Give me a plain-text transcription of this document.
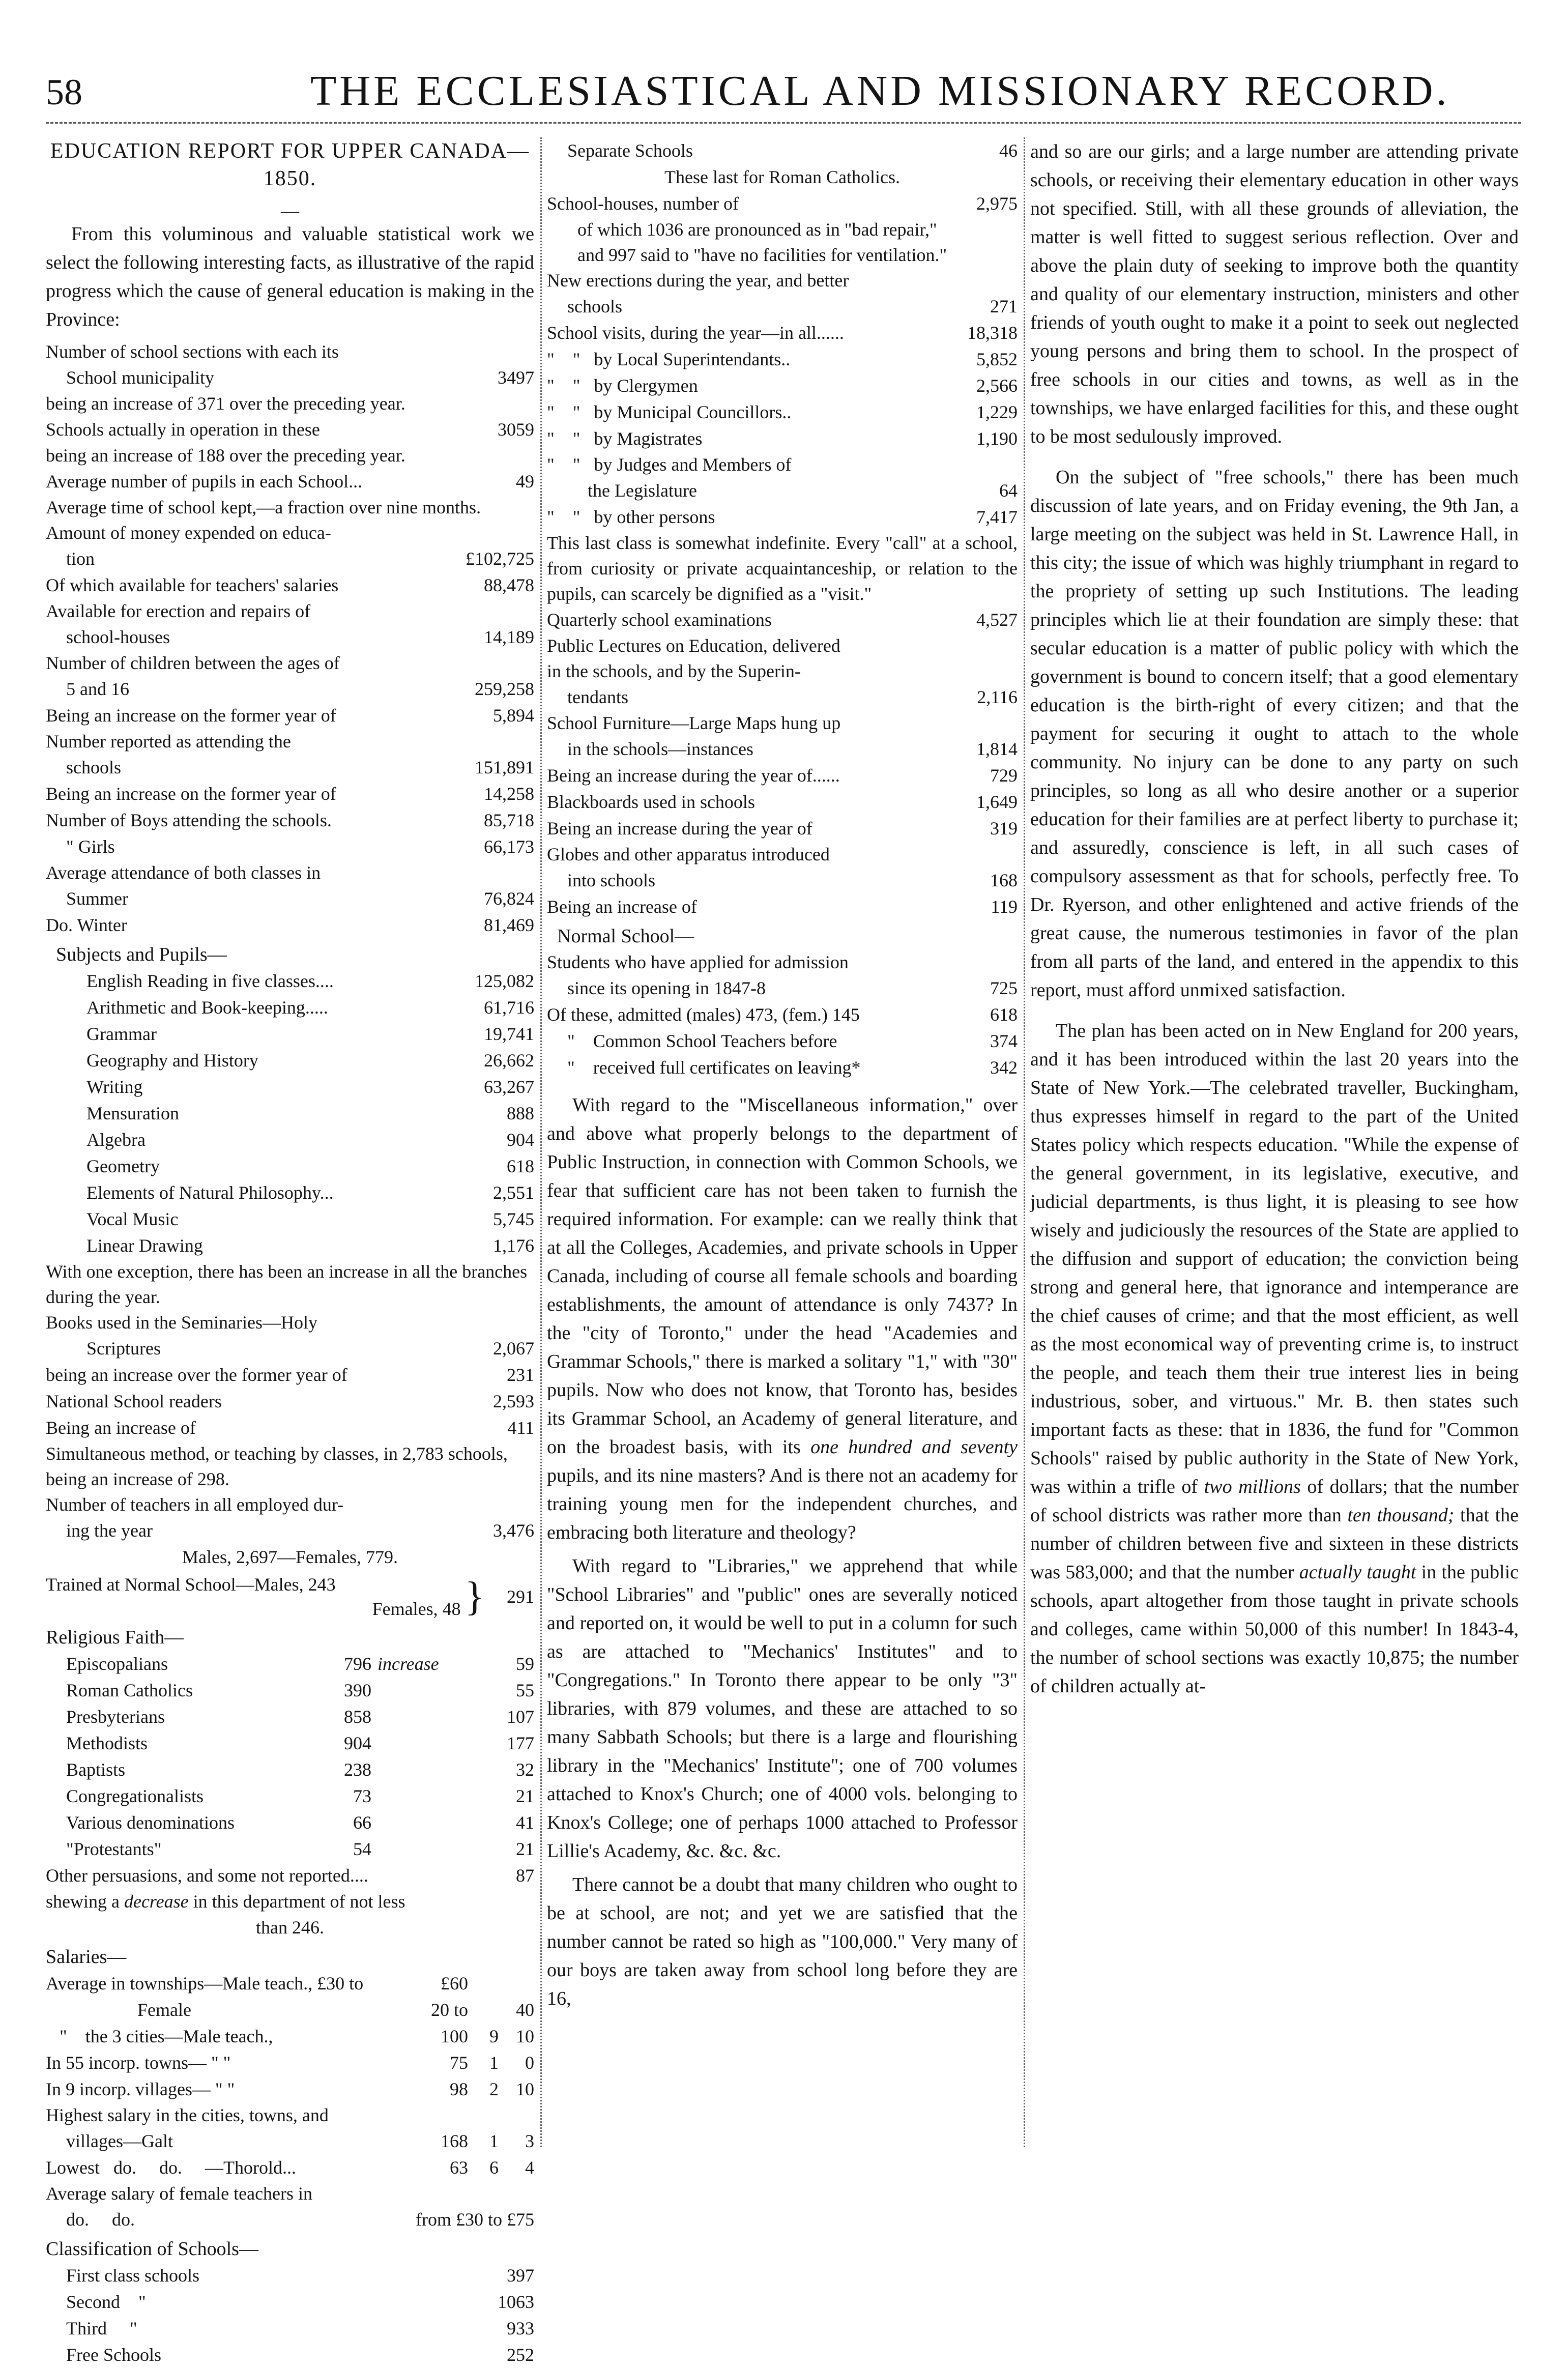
58	THE ECCLESIASTICAL AND MISSIONARY RECORD.
EDUCATION REPORT FOR UPPER CANADA—1850.
—

From this voluminous and valuable statistical work we select the following interesting facts, as illustrative of the rapid progress which the cause of general education is making in the Province:

Number of school sections with each its
School municipality	3497
being an increase of 371 over the preceding year.
Schools actually in operation in these	3059
being an increase of 188 over the preceding year.
Average number of pupils in each School...	49
Average time of school kept,—a fraction over nine months.
Amount of money expended on educa-
tion	£102,725
Of which available for teachers' salaries	88,478
Available for erection and repairs of
school-houses	14,189
Number of children between the ages of
5 and 16	259,258
Being an increase on the former year of	5,894
Number reported as attending the
schools	151,891
Being an increase on the former year of	14,258
Number of Boys attending the schools.	85,718
" Girls	66,173
Average attendance of both classes in
Summer	76,824
Do. Winter	81,469
Subjects and Pupils—
English Reading in five classes....	125,082
Arithmetic and Book-keeping.....	61,716
Grammar	19,741
Geography and History	26,662
Writing	63,267
Mensuration	888
Algebra	904
Geometry	618
Elements of Natural Philosophy...	2,551
Vocal Music	5,745
Linear Drawing	1,176
With one exception, there has been an increase in all the branches during the year.
Books used in the Seminaries—Holy
Scriptures	2,067
being an increase over the former year of	231
National School readers	2,593
Being an increase of	411
Simultaneous method, or teaching by classes, in 2,783 schools, being an increase of 298.
Number of teachers in all employed dur-
ing the year	3,476
Males, 2,697—Females, 779.
Trained at Normal School—Males, 243
Females, 48 }	291
Religious Faith—
Episcopalians	796 increase	59
Roman Catholics	390	55
Presbyterians	858	107
Methodists	904	177
Baptists	238	32
Congregationalists	73	21
Various denominations	66	41
"Protestants"	54	21
Other persuasions, and some not reported....	87
shewing a decrease in this department of not less
than 246.
Salaries—
Average in townships—Male teach., £30 to	£60
Female	20 to	40
"    the 3 cities—Male teach.,	100	9 10
In 55 incorp. towns— " "	75	1	0
In 9 incorp. villages— " "	98	2 10
Highest salary in the cities, towns, and
villages—Galt	168	1	3
Lowest   do.     do.     —Thorold...	63	6	4
Average salary of female teachers in
do.     do.	from £30 to £75
Classification of Schools—
First class schools	397
Second    "	1063
Third     "	933
Free Schools	252
Separate Schools	46
These last for Roman Catholics.
School-houses, number of	2,975
of which 1036 are pronounced as in "bad repair," and 997 said to "have no facilities for ventilation."
New erections during the year, and better
schools	271
School visits, during the year—in all......	18,318
"    "   by Local Superintendants..	5,852
"    "   by Clergymen	2,566
"    "   by Municipal Councillors..	1,229
"    "   by Magistrates	1,190
"    "   by Judges and Members of
the Legislature	64
"    "   by other persons	7,417
This last class is somewhat indefinite. Every "call" at a school, from curiosity or private acquaintanceship, or relation to the pupils, can scarcely be dignified as a "visit."
Quarterly school examinations	4,527
Public Lectures on Education, delivered
in the schools, and by the Superin-
tendants	2,116
School Furniture—Large Maps hung up
in the schools—instances	1,814
Being an increase during the year of......	729
Blackboards used in schools	1,649
Being an increase during the year of	319
Globes and other apparatus introduced
into schools	168
Being an increase of	119
Normal School—
Students who have applied for admission
since its opening in 1847-8	725
Of these, admitted (males) 473, (fem.) 145	618
"    Common School Teachers before	374
"    received full certificates on leaving*	342

With regard to the "Miscellaneous information," over and above what properly belongs to the department of Public Instruction, in connection with Common Schools, we fear that sufficient care has not been taken to furnish the required information. For example: can we really think that at all the Colleges, Academies, and private schools in Upper Canada, including of course all female schools and boarding establishments, the amount of attendance is only 7437? In the "city of Toronto," under the head "Academies and Grammar Schools," there is marked a solitary "1," with "30" pupils. Now who does not know, that Toronto has, besides its Grammar School, an Academy of general literature, and on the broadest basis, with its one hundred and seventy pupils, and its nine masters? And is there not an academy for training young men for the independent churches, and embracing both literature and theology?

With regard to "Libraries," we apprehend that while "School Libraries" and "public" ones are severally noticed and reported on, it would be well to put in a column for such as are attached to "Mechanics' Institutes" and to "Congregations." In Toronto there appear to be only "3" libraries, with 879 volumes, and these are attached to so many Sabbath Schools; but there is a large and flourishing library in the "Mechanics' Institute"; one of 700 volumes attached to Knox's Church; one of 4000 vols. belonging to Knox's College; one of perhaps 1000 attached to Professor Lillie's Academy, &c. &c. &c.

There cannot be a doubt that many children who ought to be at school, are not; and yet we are satisfied that the number cannot be rated so high as "100,000." Very many of our boys are taken away from school long before they are 16,

and so are our girls; and a large number are attending private schools, or receiving their elementary education in other ways not specified. Still, with all these grounds of alleviation, the matter is well fitted to suggest serious reflection. Over and above the plain duty of seeking to improve both the quantity and quality of our elementary instruction, ministers and other friends of youth ought to make it a point to seek out neglected young persons and bring them to school. In the prospect of free schools in our cities and towns, as well as in the townships, we have enlarged facilities for this, and these ought to be most sedulously improved.

On the subject of "free schools," there has been much discussion of late years, and on Friday evening, the 9th Jan, a large meeting on the subject was held in St. Lawrence Hall, in this city; the issue of which was highly triumphant in regard to the propriety of setting up such Institutions. The leading principles which lie at their foundation are simply these: that secular education is a matter of public policy with which the government is bound to concern itself; that a good elementary education is the birth-right of every citizen; and that the payment for securing it ought to attach to the whole community. No injury can be done to any party on such principles, so long as all who desire another or a superior education for their families are at perfect liberty to purchase it; and assuredly, conscience is left, in all such cases of compulsory assessment as that for schools, perfectly free. To Dr. Ryerson, and other enlightened and active friends of the great cause, the numerous testimonies in favor of the plan from all parts of the land, and entered in the appendix to this report, must afford unmixed satisfaction.

The plan has been acted on in New England for 200 years, and it has been introduced within the last 20 years into the State of New York.—The celebrated traveller, Buckingham, thus expresses himself in regard to the part of the United States policy which respects education. "While the expense of the general government, in its legislative, executive, and judicial departments, is thus light, it is pleasing to see how wisely and judiciously the resources of the State are applied to the diffusion and support of education; the conviction being strong and general here, that ignorance and intemperance are the chief causes of crime; and that the most efficient, as well as the most economical way of preventing crime is, to instruct the people, and teach them their true interest lies in being industrious, sober, and virtuous." Mr. B. then states such important facts as these: that in 1836, the fund for "Common Schools" raised by public authority in the State of New York, was within a trifle of two millions of dollars; that the number of school districts was rather more than ten thousand; that the number of children between five and sixteen in these districts was 583,000; and that the number actually taught in the public schools, apart altogether from those taught in private schools and colleges, came within 50,000 of this number! In 1843-4, the number of school sections was exactly 10,875; the number of children actually at-
